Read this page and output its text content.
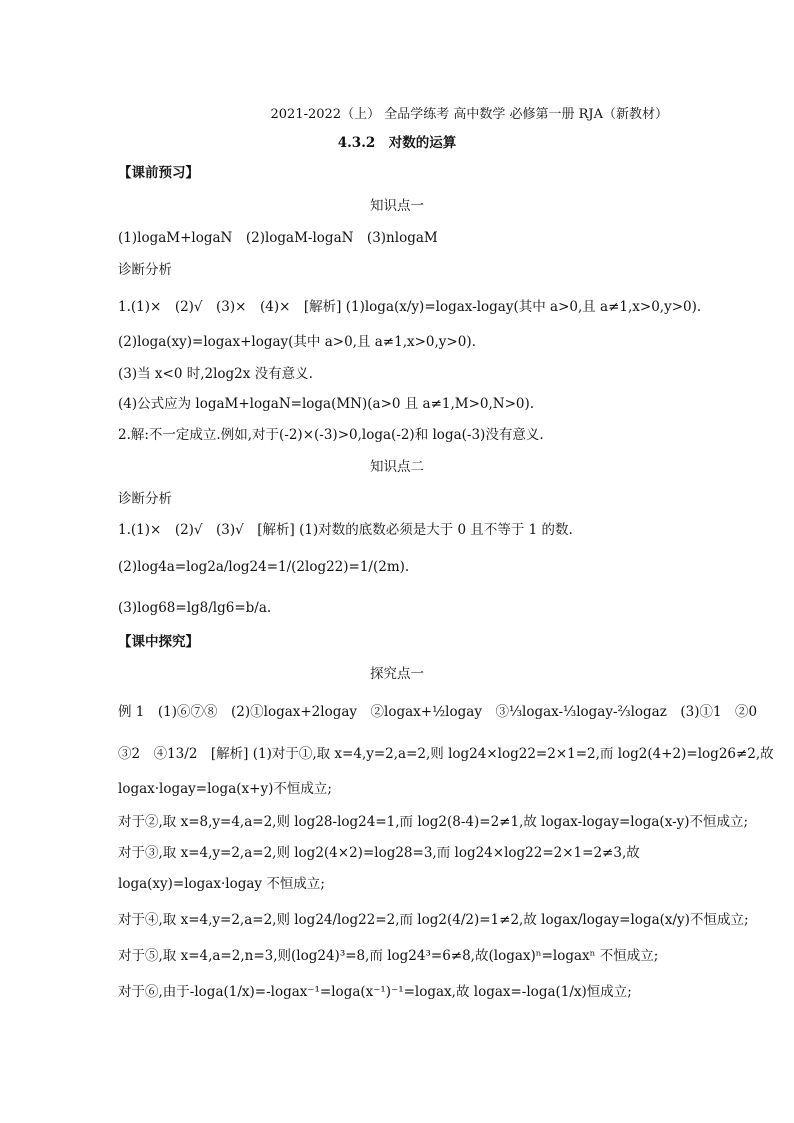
2021-2022（上） 全品学练考 高中数学 必修第一册 RJA（新教材）
4.3.2　对数的运算
【课前预习】
知识点一
(1)logaM+logaN　(2)logaM-logaN　(3)nlogaM
诊断分析
1.(1)×　(2)√　(3)×　(4)×　[解析] (1)loga(x/y)=logax-logay(其中 a>0,且 a≠1,x>0,y>0).
(2)loga(xy)=logax+logay(其中 a>0,且 a≠1,x>0,y>0).
(3)当 x<0 时,2log2x 没有意义.
(4)公式应为 logaM+logaN=loga(MN)(a>0 且 a≠1,M>0,N>0).
2.解:不一定成立.例如,对于(-2)×(-3)>0,loga(-2)和 loga(-3)没有意义.
知识点二
诊断分析
1.(1)×　(2)√　(3)√　[解析] (1)对数的底数必须是大于 0 且不等于 1 的数.
(2)log4a=log2a/log24=1/(2log22)=1/(2m).
(3)log68=lg8/lg6=b/a.
【课中探究】
探究点一
例 1　(1)⑥⑦⑧　(2)①logax+2logay　②logax+½logay　③⅓logax-⅓logay-⅔logaz　(3)①1　②0
③2　④13/2　[解析] (1)对于①,取 x=4,y=2,a=2,则 log24×log22=2×1=2,而 log2(4+2)=log26≠2,故
logax·logay=loga(x+y)不恒成立;
对于②,取 x=8,y=4,a=2,则 log28-log24=1,而 log2(8-4)=2≠1,故 logax-logay=loga(x-y)不恒成立;
对于③,取 x=4,y=2,a=2,则 log2(4×2)=log28=3,而 log24×log22=2×1=2≠3,故
loga(xy)=logax·logay 不恒成立;
对于④,取 x=4,y=2,a=2,则 log24/log22=2,而 log2(4/2)=1≠2,故 logax/logay=loga(x/y)不恒成立;
对于⑤,取 x=4,a=2,n=3,则(log24)³=8,而 log24³=6≠8,故(logax)ⁿ=logaxⁿ 不恒成立;
对于⑥,由于-loga(1/x)=-logax⁻¹=loga(x⁻¹)⁻¹=logax,故 logax=-loga(1/x)恒成立;
